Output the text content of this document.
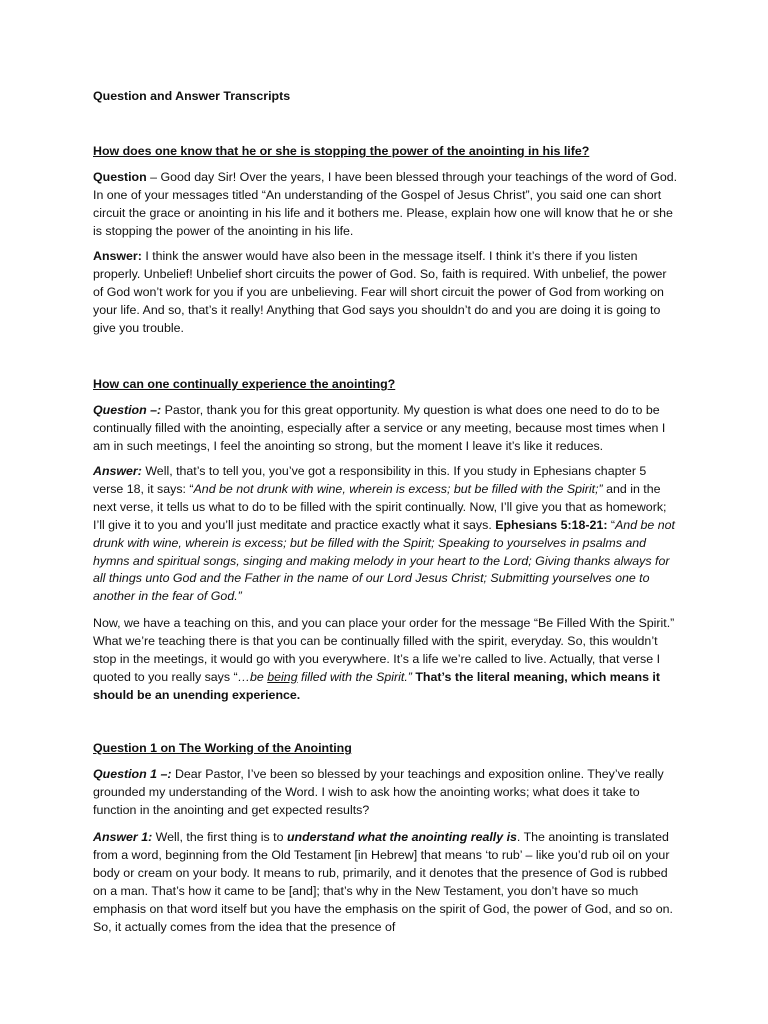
Question and Answer Transcripts
How does one know that he or she is stopping the power of the anointing in his life?

Question – Good day Sir! Over the years, I have been blessed through your teachings of the word of God. In one of your messages titled “An understanding of the Gospel of Jesus Christ”, you said one can short circuit the grace or anointing in his life and it bothers me. Please, explain how one will know that he or she is stopping the power of the anointing in his life.

Answer: I think the answer would have also been in the message itself. I think it’s there if you listen properly. Unbelief! Unbelief short circuits the power of God. So, faith is required. With unbelief, the power of God won’t work for you if you are unbelieving. Fear will short circuit the power of God from working on your life. And so, that’s it really! Anything that God says you shouldn’t do and you are doing it is going to give you trouble.

How can one continually experience the anointing?

Question –: Pastor, thank you for this great opportunity. My question is what does one need to do to be continually filled with the anointing, especially after a service or any meeting, because most times when I am in such meetings, I feel the anointing so strong, but the moment I leave it’s like it reduces.

Answer: Well, that’s to tell you, you’ve got a responsibility in this. If you study in Ephesians chapter 5 verse 18, it says: “And be not drunk with wine, wherein is excess; but be filled with the Spirit;” and in the next verse, it tells us what to do to be filled with the spirit continually. Now, I’ll give you that as homework; I’ll give it to you and you’ll just meditate and practice exactly what it says. Ephesians 5:18-21: “And be not drunk with wine, wherein is excess; but be filled with the Spirit; Speaking to yourselves in psalms and hymns and spiritual songs, singing and making melody in your heart to the Lord; Giving thanks always for all things unto God and the Father in the name of our Lord Jesus Christ; Submitting yourselves one to another in the fear of God.”

Now, we have a teaching on this, and you can place your order for the message “Be Filled With the Spirit.” What we’re teaching there is that you can be continually filled with the spirit, everyday. So, this wouldn’t stop in the meetings, it would go with you everywhere. It’s a life we’re called to live. Actually, that verse I quoted to you really says “…be being filled with the Spirit.” That’s the literal meaning, which means it should be an unending experience.

Question 1 on The Working of the Anointing

Question 1 –: Dear Pastor, I’ve been so blessed by your teachings and exposition online. They’ve really grounded my understanding of the Word. I wish to ask how the anointing works; what does it take to function in the anointing and get expected results?

Answer 1: Well, the first thing is to understand what the anointing really is. The anointing is translated from a word, beginning from the Old Testament [in Hebrew] that means ‘to rub’ – like you’d rub oil on your body or cream on your body. It means to rub, primarily, and it denotes that the presence of God is rubbed on a man. That’s how it came to be [and]; that’s why in the New Testament, you don’t have so much emphasis on that word itself but you have the emphasis on the spirit of God, the power of God, and so on. So, it actually comes from the idea that the presence of
